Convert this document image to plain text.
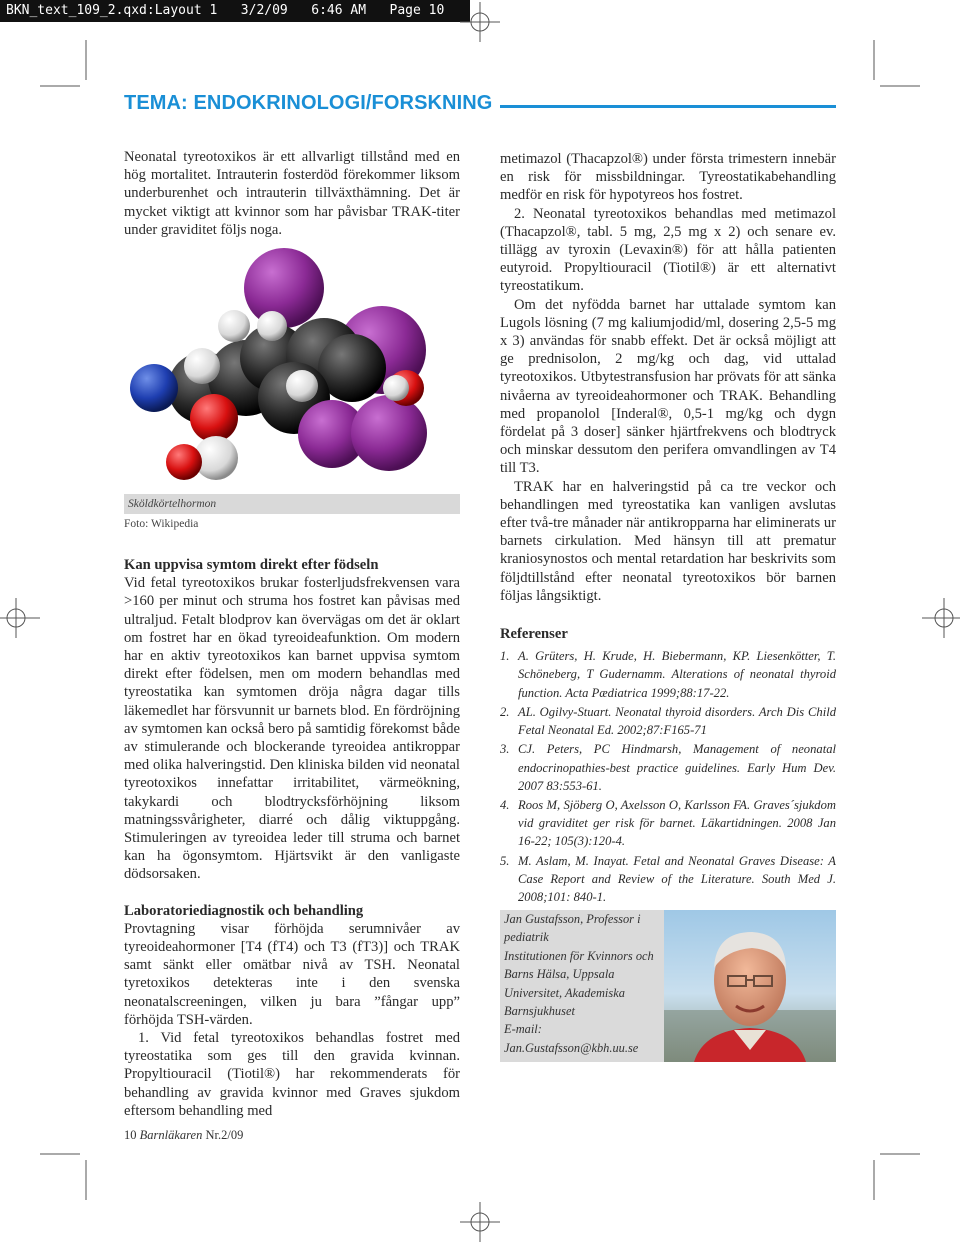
BKN_text_109_2.qxd:Layout 1   3/2/09   6:46 AM   Page 10
TEMA: ENDOKRINOLOGI/FORSKNING

Neonatal tyreotoxikos är ett allvarligt tillstånd med en hög mortalitet. Intrauterin fosterdöd förekommer liksom underburenhet och intrauterin tillväxthämning. Det är mycket viktigt att kvinnor som har påvisbar TRAK-titer under graviditet följs noga.

Sköldkörtelhormon
Foto: Wikipedia
Kan uppvisa symtom direkt efter födseln

Vid fetal tyreotoxikos brukar fosterljudsfrekvensen vara >160 per minut och struma hos fostret kan påvisas med ultraljud. Fetalt blodprov kan övervägas om det är oklart om fostret har en ökad tyreoideafunktion. Om modern har en aktiv tyreotoxikos kan barnet uppvisa symtom direkt efter födelsen, men om modern behandlas med tyreostatika kan symtomen dröja några dagar tills läkemedlet har försvunnit ur barnets blod. En fördröjning av symtomen kan också bero på samtidig förekomst både av stimulerande och blockerande tyreoidea antikroppar med olika halveringstid. Den kliniska bilden vid neonatal tyreotoxikos innefattar irritabilitet, värmeökning, takykardi och blodtrycksförhöjning liksom matningssvårigheter, diarré och dålig viktuppgång. Stimuleringen av tyreoidea leder till struma och barnet kan ha ögonsymtom. Hjärtsvikt är den vanligaste dödsorsaken.

Laboratoriediagnostik och behandling

Provtagning visar förhöjda serumnivåer av tyreoideahormoner [T4 (fT4) och T3 (fT3)] och TRAK samt sänkt eller omätbar nivå av TSH. Neonatal tyretoxikos detekteras inte i den svenska neonatalscreeningen, vilken ju bara ”fångar upp” förhöjda TSH-värden.

1. Vid fetal tyreotoxikos behandlas fostret med tyreostatika som ges till den gravida kvinnan. Propyltiouracil (Tiotil®) har rekommenderats för behandling av gravida kvinnor med Graves sjukdom eftersom behandling med

metimazol (Thacapzol®) under första trimestern innebär en risk för missbildningar. Tyreostatikabehandling medför en risk för hypotyreos hos fostret.

2. Neonatal tyreotoxikos behandlas med metimazol (Thacapzol®, tabl. 5 mg, 2,5 mg x 2) och senare ev. tillägg av tyroxin (Levaxin®) för att hålla patienten eutyroid. Propyltiouracil (Tiotil®) är ett alternativt tyreostatikum.

Om det nyfödda barnet har uttalade symtom kan Lugols lösning (7 mg kaliumjodid/ml, dosering 2,5-5 mg x 3) användas för snabb effekt. Det är också möjligt att ge prednisolon, 2 mg/kg och dag, vid uttalad tyreotoxikos. Utbytestransfusion har prövats för att sänka nivåerna av tyreoideahormoner och TRAK. Behandling med propanolol [Inderal®, 0,5-1 mg/kg och dygn fördelat på 3 doser] sänker hjärtfrekvens och blodtryck och minskar dessutom den perifera omvandlingen av T4 till T3.

TRAK har en halveringstid på ca tre veckor och behandlingen med tyreostatika kan vanligen avslutas efter två-tre månader när antikropparna har eliminerats ur barnets cirkulation. Med hänsyn till att prematur kraniosynostos och mental retardation har beskrivits som följdtillstånd efter neonatal tyreotoxikos bör barnen följas långsiktigt.

Referenser
1. A. Grüters, H. Krude, H. Biebermann, KP. Liesenkötter, T. Schöneberg, T Gudernamm. Alterations of neonatal thyroid function. Acta Pædiatrica 1999;88:17-22.
2. AL. Ogilvy-Stuart. Neonatal thyroid disorders. Arch Dis Child Fetal Neonatal Ed. 2002;87:F165-71
3. CJ. Peters, PC Hindmarsh, Management of neonatal endocrinopathies-best practice guidelines. Early Hum Dev. 2007 83:553-61.
4. Roos M, Sjöberg O, Axelsson O, Karlsson FA. Graves´sjukdom vid graviditet ger risk för barnet. Läkartidningen. 2008 Jan 16-22; 105(3):120-4.
5. M. Aslam, M. Inayat. Fetal and Neonatal Graves Disease: A Case Report and Review of the Literature. South Med J. 2008;101: 840-1.
Jan Gustafsson, Professor i pediatrik
Institutionen för Kvinnors och Barns Hälsa, Uppsala Universitet, Akademiska Barnsjukhuset
E-mail:
Jan.Gustafsson@kbh.uu.se
10 Barnläkaren Nr.2/09
